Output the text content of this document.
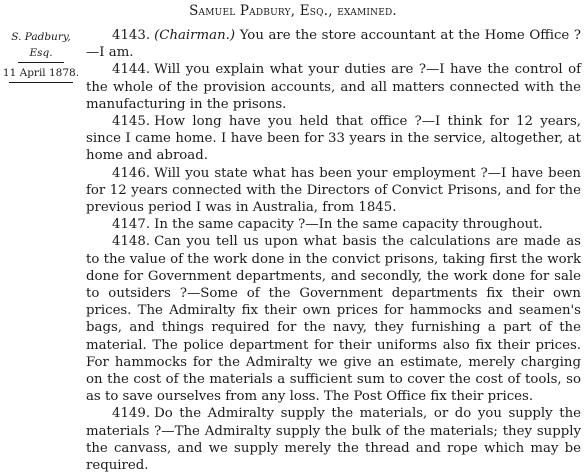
Samuel Padbury, Esq., examined.
S. Padbury,
Esq.
11 April 1878.

4143. (Chairman.) You are the store accountant at the Home Office ?—I am.

4144. Will you explain what your duties are ?—I have the control of the whole of the provision accounts, and all matters connected with the manufacturing in the prisons.

4145. How long have you held that office ?—I think for 12 years, since I came home. I have been for 33 years in the service, altogether, at home and abroad.

4146. Will you state what has been your employment ?—I have been for 12 years connected with the Directors of Convict Prisons, and for the previous period I was in Australia, from 1845.

4147. In the same capacity ?—In the same capacity throughout.

4148. Can you tell us upon what basis the calculations are made as to the value of the work done in the convict prisons, taking first the work done for Government departments, and secondly, the work done for sale to outsiders ?—Some of the Government departments fix their own prices. The Admiralty fix their own prices for hammocks and seamen's bags, and things required for the navy, they furnishing a part of the material. The police department for their uniforms also fix their prices. For hammocks for the Admiralty we give an estimate, merely charging on the cost of the materials a sufficient sum to cover the cost of tools, so as to save ourselves from any loss. The Post Office fix their prices.

4149. Do the Admiralty supply the materials, or do you supply the materials ?—The Admiralty supply the bulk of the materials; they supply the canvass, and we supply merely the thread and rope which may be required.
